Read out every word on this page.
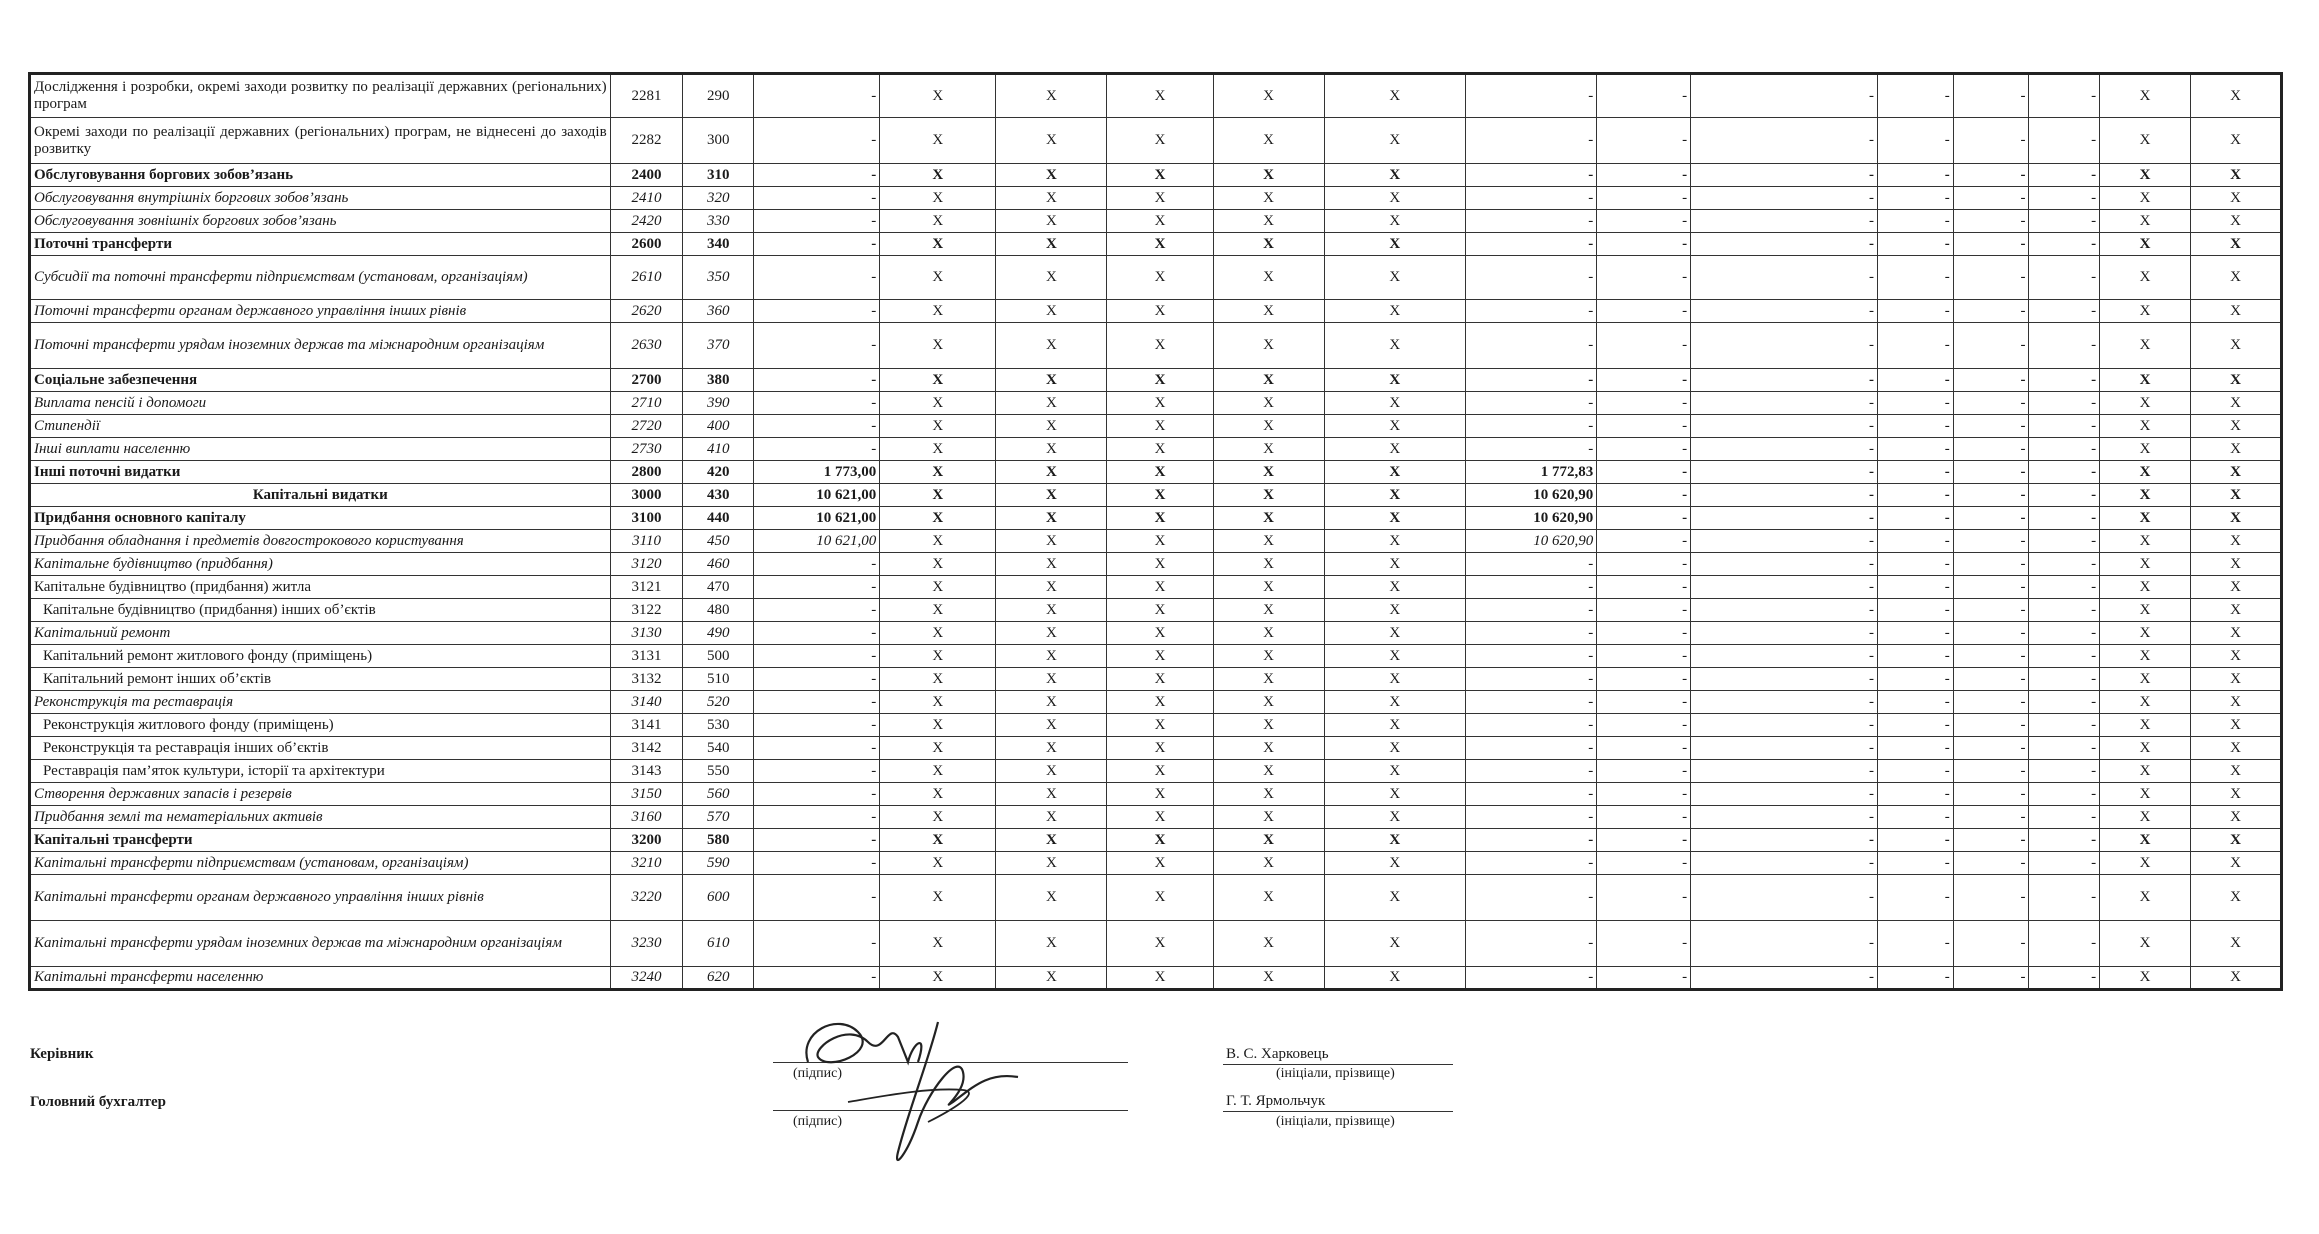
Дослідження і розробки, окремі заходи розвитку по реалізації державних (регіональних) програм	2281	290	-	X	X	X	X	X	-	-	-	-	-	-	X	X
Окремі заходи по реалізації державних (регіональних) програм, не віднесені до заходів розвитку	2282	300	-	X	X	X	X	X	-	-	-	-	-	-	X	X
Обслуговування боргових зобов’язань	2400	310	-	X	X	X	X	X	-	-	-	-	-	-	X	X
Обслуговування внутрішніх боргових зобов’язань	2410	320	-	X	X	X	X	X	-	-	-	-	-	-	X	X
Обслуговування зовнішніх боргових зобов’язань	2420	330	-	X	X	X	X	X	-	-	-	-	-	-	X	X
Поточні трансферти	2600	340	-	X	X	X	X	X	-	-	-	-	-	-	X	X
Субсидії та поточні трансферти підприємствам (установам, організаціям)	2610	350	-	X	X	X	X	X	-	-	-	-	-	-	X	X
Поточні трансферти органам державного управління інших рівнів	2620	360	-	X	X	X	X	X	-	-	-	-	-	-	X	X
Поточні трансферти урядам іноземних держав та міжнародним організаціям	2630	370	-	X	X	X	X	X	-	-	-	-	-	-	X	X
Соціальне забезпечення	2700	380	-	X	X	X	X	X	-	-	-	-	-	-	X	X
Виплата пенсій і допомоги	2710	390	-	X	X	X	X	X	-	-	-	-	-	-	X	X
Стипендії	2720	400	-	X	X	X	X	X	-	-	-	-	-	-	X	X
Інші виплати населенню	2730	410	-	X	X	X	X	X	-	-	-	-	-	-	X	X
Інші поточні видатки	2800	420	1 773,00	X	X	X	X	X	1 772,83	-	-	-	-	-	X	X
Капітальні видатки	3000	430	10 621,00	X	X	X	X	X	10 620,90	-	-	-	-	-	X	X
Придбання основного капіталу	3100	440	10 621,00	X	X	X	X	X	10 620,90	-	-	-	-	-	X	X
Придбання обладнання і предметів довгострокового користування	3110	450	10 621,00	X	X	X	X	X	10 620,90	-	-	-	-	-	X	X
Капітальне будівництво (придбання)	3120	460	-	X	X	X	X	X	-	-	-	-	-	-	X	X
Капітальне будівництво (придбання) житла	3121	470	-	X	X	X	X	X	-	-	-	-	-	-	X	X
Капітальне будівництво (придбання) інших об’єктів	3122	480	-	X	X	X	X	X	-	-	-	-	-	-	X	X
Капітальний ремонт	3130	490	-	X	X	X	X	X	-	-	-	-	-	-	X	X
Капітальний ремонт житлового фонду (приміщень)	3131	500	-	X	X	X	X	X	-	-	-	-	-	-	X	X
Капітальний ремонт інших об’єктів	3132	510	-	X	X	X	X	X	-	-	-	-	-	-	X	X
Реконструкція та реставрація	3140	520	-	X	X	X	X	X	-	-	-	-	-	-	X	X
Реконструкція житлового фонду (приміщень)	3141	530	-	X	X	X	X	X	-	-	-	-	-	-	X	X
Реконструкція та реставрація інших об’єктів	3142	540	-	X	X	X	X	X	-	-	-	-	-	-	X	X
Реставрація пам’яток культури, історії та архітектури	3143	550	-	X	X	X	X	X	-	-	-	-	-	-	X	X
Створення державних запасів і резервів	3150	560	-	X	X	X	X	X	-	-	-	-	-	-	X	X
Придбання землі та нематеріальних активів	3160	570	-	X	X	X	X	X	-	-	-	-	-	-	X	X
Капітальні трансферти	3200	580	-	X	X	X	X	X	-	-	-	-	-	-	X	X
Капітальні трансферти підприємствам (установам, організаціям)	3210	590	-	X	X	X	X	X	-	-	-	-	-	-	X	X
Капітальні трансферти органам державного управління інших рівнів	3220	600	-	X	X	X	X	X	-	-	-	-	-	-	X	X
Капітальні трансферти урядам іноземних держав та міжнародним організаціям	3230	610	-	X	X	X	X	X	-	-	-	-	-	-	X	X
Капітальні трансферти населенню	3240	620	-	X	X	X	X	X	-	-	-	-	-	-	X	X
Керівник
Головний бухгалтер
(підпис)
(підпис)
В. С. Харковець
(ініціали, прізвище)
Г. Т. Ярмольчук
(ініціали, прізвище)
